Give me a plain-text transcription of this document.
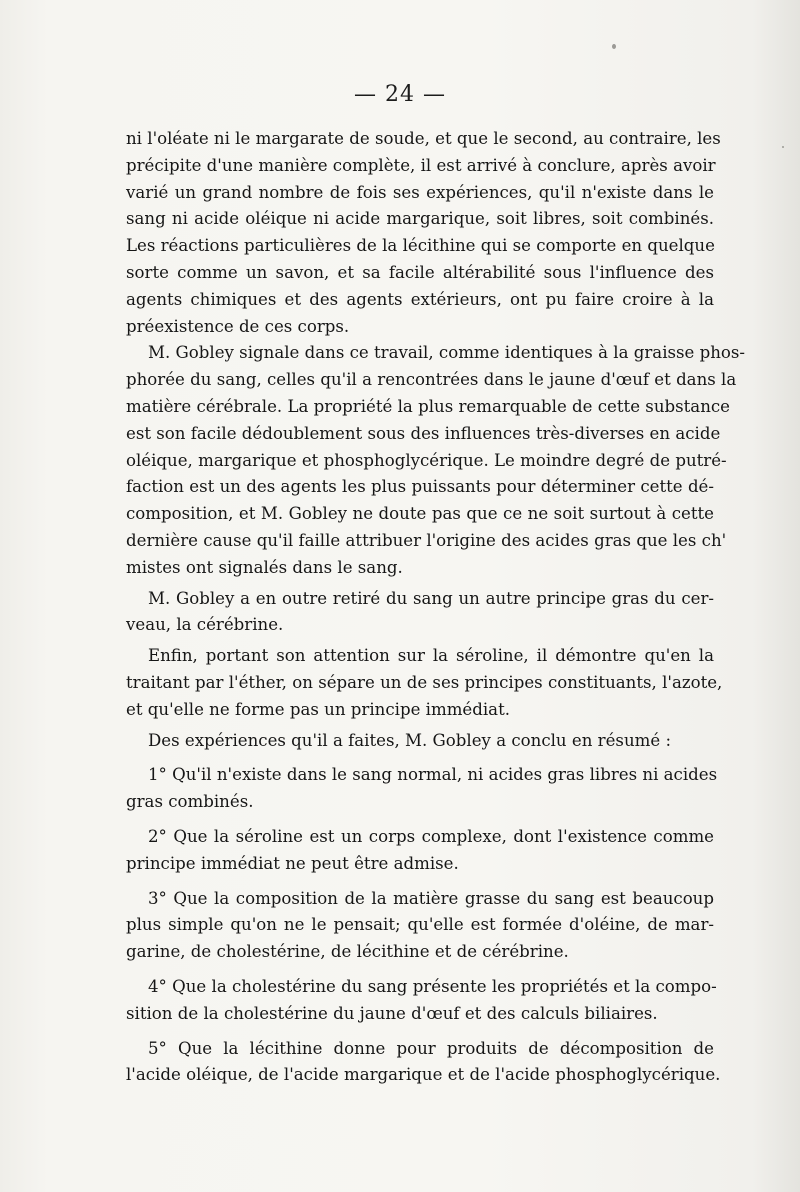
— 24 —
ni l'oléate ni le margarate de soude, et que le second, au contraire, les
précipite d'une manière complète, il est arrivé à conclure, après avoir
varié un grand nombre de fois ses expériences, qu'il n'existe dans le
sang ni acide oléique ni acide margarique, soit libres, soit combinés.
Les réactions particulières de la lécithine qui se comporte en quelque
sorte comme un savon, et sa facile altérabilité sous l'influence des
agents chimiques et des agents extérieurs, ont pu faire croire à la
préexistence de ces corps.
M. Gobley signale dans ce travail, comme identiques à la graisse phos-
phorée du sang, celles qu'il a rencontrées dans le jaune d'œuf et dans la
matière cérébrale. La propriété la plus remarquable de cette substance
est son facile dédoublement sous des influences très-diverses en acide
oléique, margarique et phosphoglycérique. Le moindre degré de putré-
faction est un des agents les plus puissants pour déterminer cette dé-
composition, et M. Gobley ne doute pas que ce ne soit surtout à cette
dernière cause qu'il faille attribuer l'origine des acides gras que les ch'
mistes ont signalés dans le sang.
M. Gobley a en outre retiré du sang un autre principe gras du cer-
veau, la cérébrine.
Enfin, portant son attention sur la séroline, il démontre qu'en la
traitant par l'éther, on sépare un de ses principes constituants, l'azote,
et qu'elle ne forme pas un principe immédiat.
Des expériences qu'il a faites, M. Gobley a conclu en résumé :
1° Qu'il n'existe dans le sang normal, ni acides gras libres ni acides
gras combinés.
2° Que la séroline est un corps complexe, dont l'existence comme
principe immédiat ne peut être admise.
3° Que la composition de la matière grasse du sang est beaucoup
plus simple qu'on ne le pensait; qu'elle est formée d'oléine, de mar-
garine, de cholestérine, de lécithine et de cérébrine.
4° Que la cholestérine du sang présente les propriétés et la compo-
sition de la cholestérine du jaune d'œuf et des calculs biliaires.
5° Que la lécithine donne pour produits de décomposition de
l'acide oléique, de l'acide margarique et de l'acide phosphoglycérique.
